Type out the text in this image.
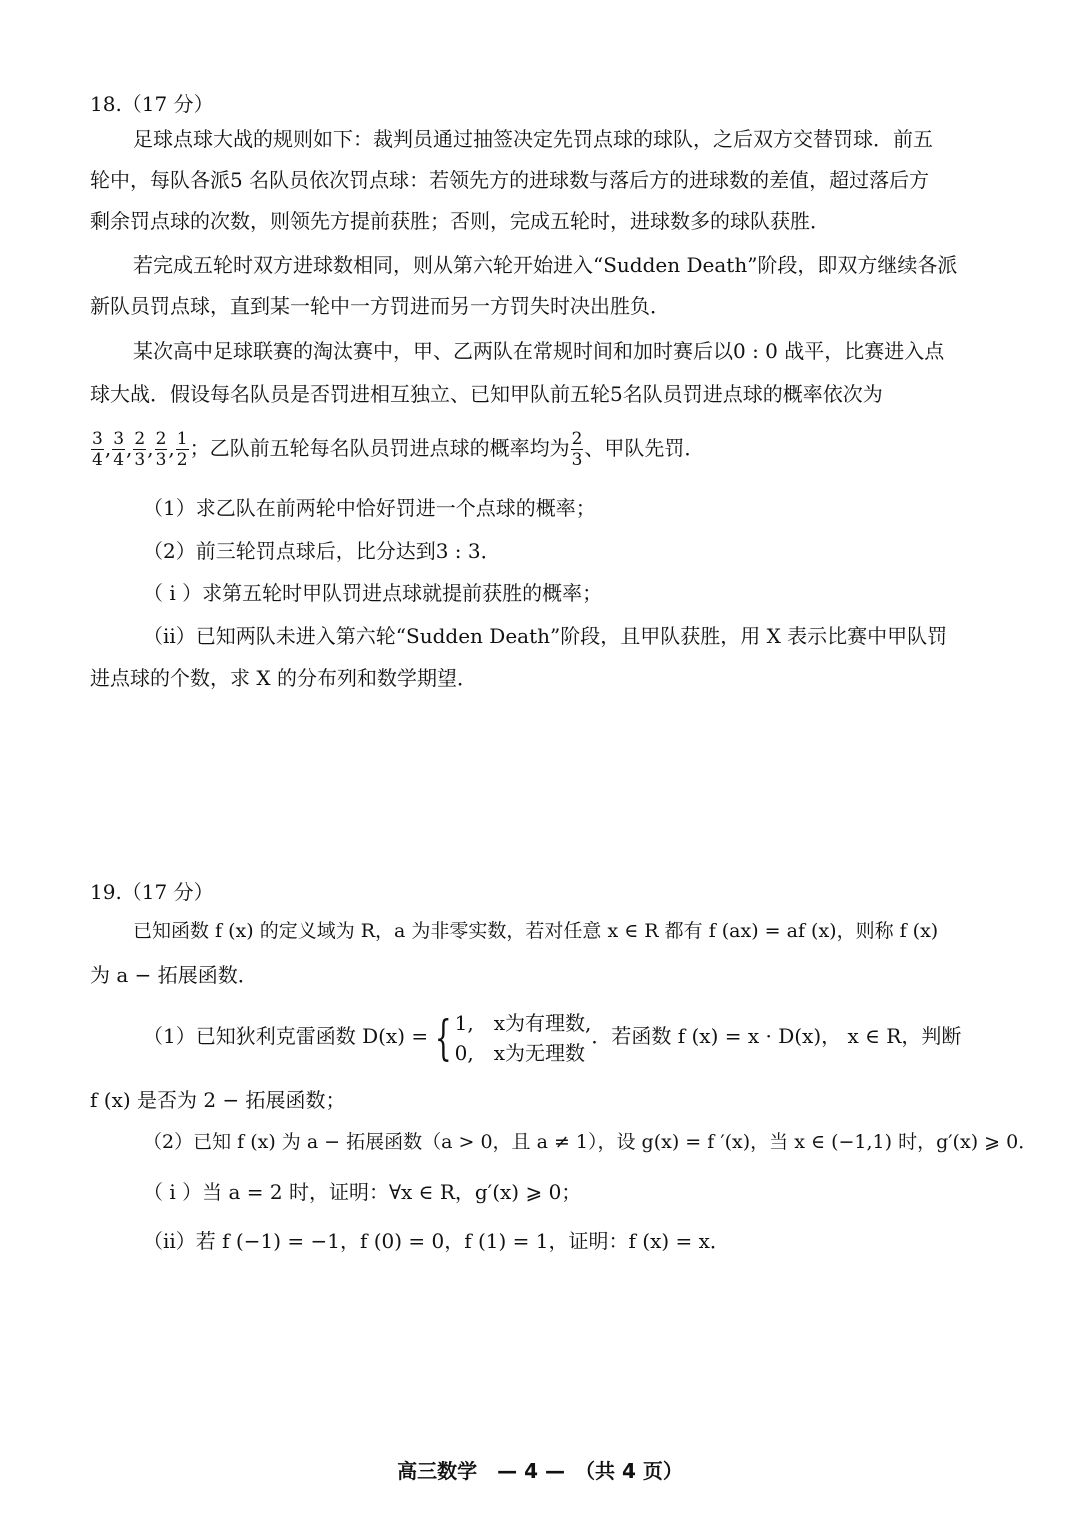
18.（17 分）
足球点球大战的规则如下：裁判员通过抽签决定先罚点球的球队，之后双方交替罚球．前五
轮中，每队各派5 名队员依次罚点球：若领先方的进球数与落后方的进球数的差值，超过落后方
剩余罚点球的次数，则领先方提前获胜；否则，完成五轮时，进球数多的球队获胜．
若完成五轮时双方进球数相同，则从第六轮开始进入“Sudden Death”阶段，即双方继续各派
新队员罚点球，直到某一轮中一方罚进而另一方罚失时决出胜负．
某次高中足球联赛的淘汰赛中，甲、乙两队在常规时间和加时赛后以0 : 0 战平，比赛进入点
球大战．假设每名队员是否罚进相互独立、已知甲队前五轮5名队员罚进点球的概率依次为
$\frac{3}{4}$ , $\frac{3}{4}$ , $\frac{2}{3}$ , $\frac{2}{3}$ , $\frac{1}{2}$ ；乙队前五轮每名队员罚进点球的概率均为 $\frac{2}{3}$ 、甲队先罚．
（1）求乙队在前两轮中恰好罚进一个点球的概率；
（2）前三轮罚点球后，比分达到3 : 3．
（ i ）求第五轮时甲队罚进点球就提前获胜的概率；
（ii）已知两队未进入第六轮“Sudden Death”阶段，且甲队获胜，用 X 表示比赛中甲队罚
进点球的个数，求 X 的分布列和数学期望．
19.（17 分）
已知函数 f (x) 的定义域为 R，a 为非零实数，若对任意 x ∈ R 都有 f (ax) = af (x)，则称 f (x)
为 a − 拓展函数．
（1）已知狄利克雷函数 D(x) = { 1,　x为有理数,
0,　x为无理数
．若函数 f (x) = x · D(x)， x ∈ R，判断
f (x) 是否为 2 − 拓展函数；
（2）已知 f (x) 为 a − 拓展函数（a > 0，且 a ≠ 1），设 g(x) = f ′(x)，当 x ∈ (−1,1) 时，g′(x) ⩾ 0．
（ i ）当 a = 2 时，证明：∀x ∈ R，g′(x) ⩾ 0；
（ii）若 f (−1) = −1，f (0) = 0，f (1) = 1，证明：f (x) = x．
高三数学　— 4 —　（共 4 页）
